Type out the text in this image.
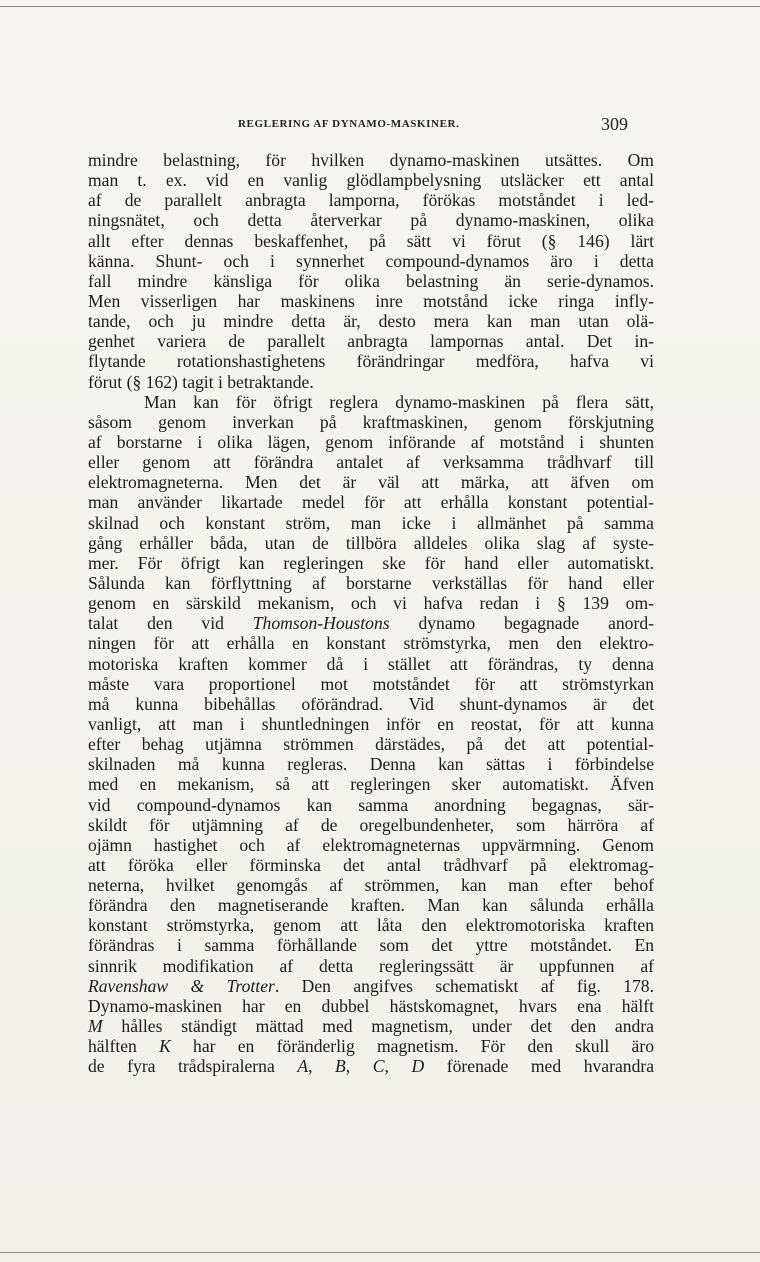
REGLERING AF DYNAMO-MASKINER.	309
mindre belastning, för hvilken dynamo-maskinen utsättes. Om
man t. ex. vid en vanlig glödlampbelysning utsläcker ett antal
af de parallelt anbragta lamporna, förökas motståndet i led-
ningsnätet, och detta återverkar på dynamo-maskinen, olika
allt efter dennas beskaffenhet, på sätt vi förut (§ 146) lärt
känna. Shunt- och i synnerhet compound-dynamos äro i detta
fall mindre känsliga för olika belastning än serie-dynamos.
Men visserligen har maskinens inre motstånd icke ringa infly-
tande, och ju mindre detta är, desto mera kan man utan olä-
genhet variera de parallelt anbragta lampornas antal. Det in-
flytande rotationshastighetens förändringar medföra, hafva vi
förut (§ 162) tagit i betraktande.
Man kan för öfrigt reglera dynamo-maskinen på flera sätt,
såsom genom inverkan på kraftmaskinen, genom förskjutning
af borstarne i olika lägen, genom införande af motstånd i shunten
eller genom att förändra antalet af verksamma trådhvarf till
elektromagneterna. Men det är väl att märka, att äfven om
man använder likartade medel för att erhålla konstant potential-
skilnad och konstant ström, man icke i allmänhet på samma
gång erhåller båda, utan de tillböra alldeles olika slag af syste-
mer. För öfrigt kan regleringen ske för hand eller automatiskt.
Sålunda kan förflyttning af borstarne verkställas för hand eller
genom en särskild mekanism, och vi hafva redan i § 139 om-
talat den vid Thomson-Houstons dynamo begagnade anord-
ningen för att erhålla en konstant strömstyrka, men den elektro-
motoriska kraften kommer då i stället att förändras, ty denna
måste vara proportionel mot motståndet för att strömstyrkan
må kunna bibehållas oförändrad. Vid shunt-dynamos är det
vanligt, att man i shuntledningen inför en reostat, för att kunna
efter behag utjämna strömmen därstädes, på det att potential-
skilnaden må kunna regleras. Denna kan sättas i förbindelse
med en mekanism, så att regleringen sker automatiskt. Äfven
vid compound-dynamos kan samma anordning begagnas, sär-
skildt för utjämning af de oregelbundenheter, som härröra af
ojämn hastighet och af elektromagneternas uppvärmning. Genom
att föröka eller förminska det antal trådhvarf på elektromag-
neterna, hvilket genomgås af strömmen, kan man efter behof
förändra den magnetiserande kraften. Man kan sålunda erhålla
konstant strömstyrka, genom att låta den elektromotoriska kraften
förändras i samma förhållande som det yttre motståndet. En
sinnrik modifikation af detta regleringssätt är uppfunnen af
Ravenshaw & Trotter. Den angifves schematiskt af fig. 178.
Dynamo-maskinen har en dubbel hästskomagnet, hvars ena hälft
M hålles ständigt mättad med magnetism, under det den andra
hälften K har en föränderlig magnetism. För den skull äro
de fyra trådspiralerna A, B, C, D förenade med hvarandra
